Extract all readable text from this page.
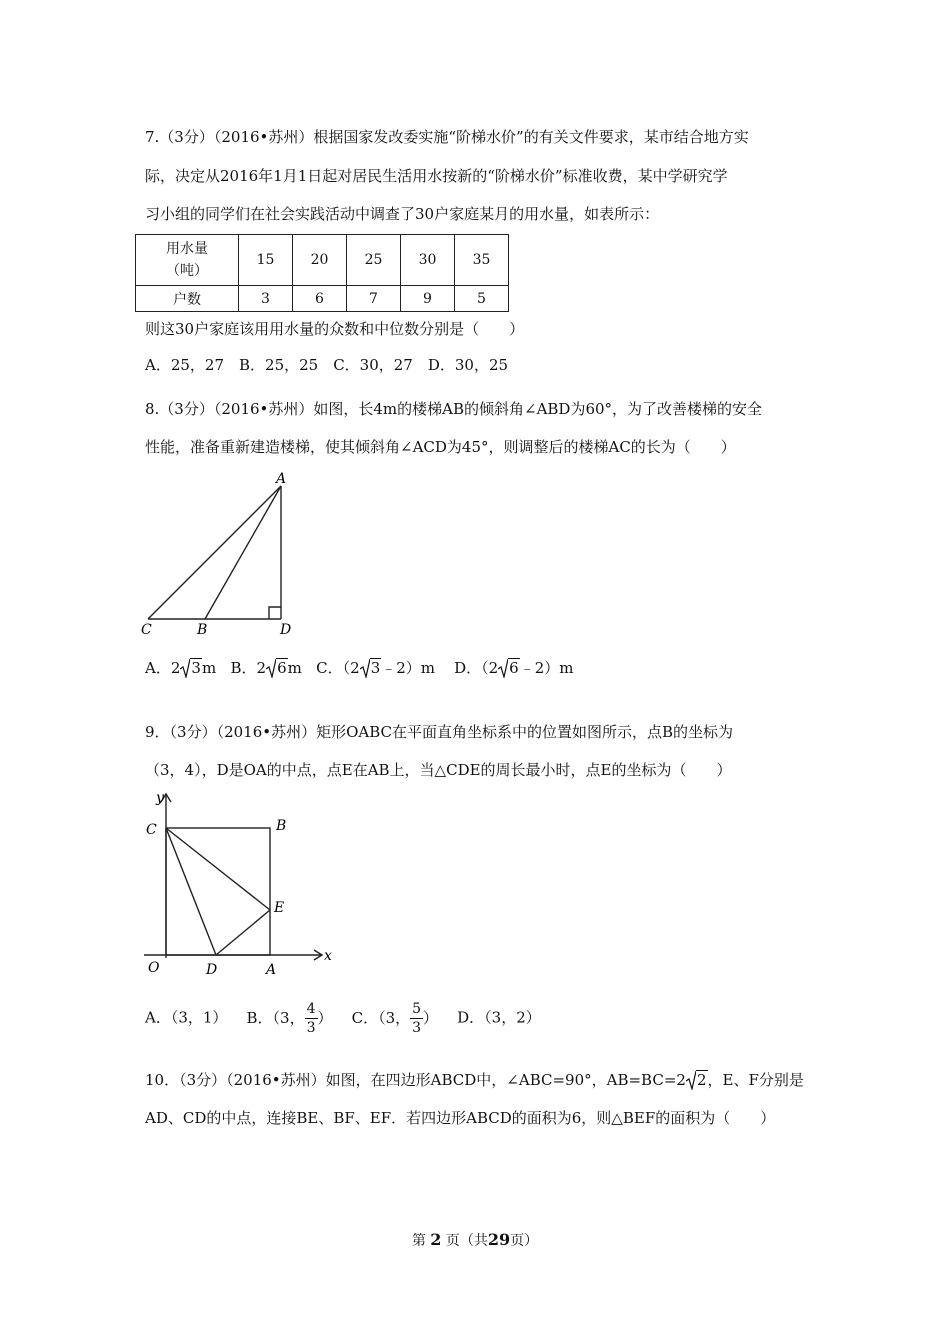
7.（3分）（2016•苏州）根据国家发改委实施“阶梯水价”的有关文件要求，某市结合地方实
际，决定从2016年1月1日起对居民生活用水按新的“阶梯水价”标准收费，某中学研究学
习小组的同学们在社会实践活动中调查了30户家庭某月的用水量，如表所示：
用水量
（吨）	15	20	25	30	35
户数	3	6	7	9	5
则这30户家庭该用用水量的众数和中位数分别是（　　）
A．25，27　B．25，25　C．30，27　D．30，25
8.（3分）（2016•苏州）如图，长4m的楼梯AB的倾斜角∠ABD为60°，为了改善楼梯的安全
性能，准备重新建造楼梯，使其倾斜角∠ACD为45°，则调整后的楼梯AC的长为（　　）
A
C	B	D
A．2 3m B．2 6m C．（2 3﹣2）m D．（2 6﹣2）m
9．（3分）（2016•苏州）矩形OABC在平面直角坐标系中的位置如图所示，点B的坐标为
（3，4），D是OA的中点，点E在AB上，当△CDE的周长最小时，点E的坐标为（　　）
y
x
C	B
E
O	D	A
A．（3，1） B．（3， $\frac{4}{3}$ ） C．（3， $\frac{5}{3}$ ） D．（3，2）
10．（3分）（2016•苏州）如图，在四边形ABCD中，∠ABC=90°，AB=BC=2 2，E、F分别是
AD、CD的中点，连接BE、BF、EF．若四边形ABCD的面积为6，则△BEF的面积为（　　）
第 2 页（共29页）
